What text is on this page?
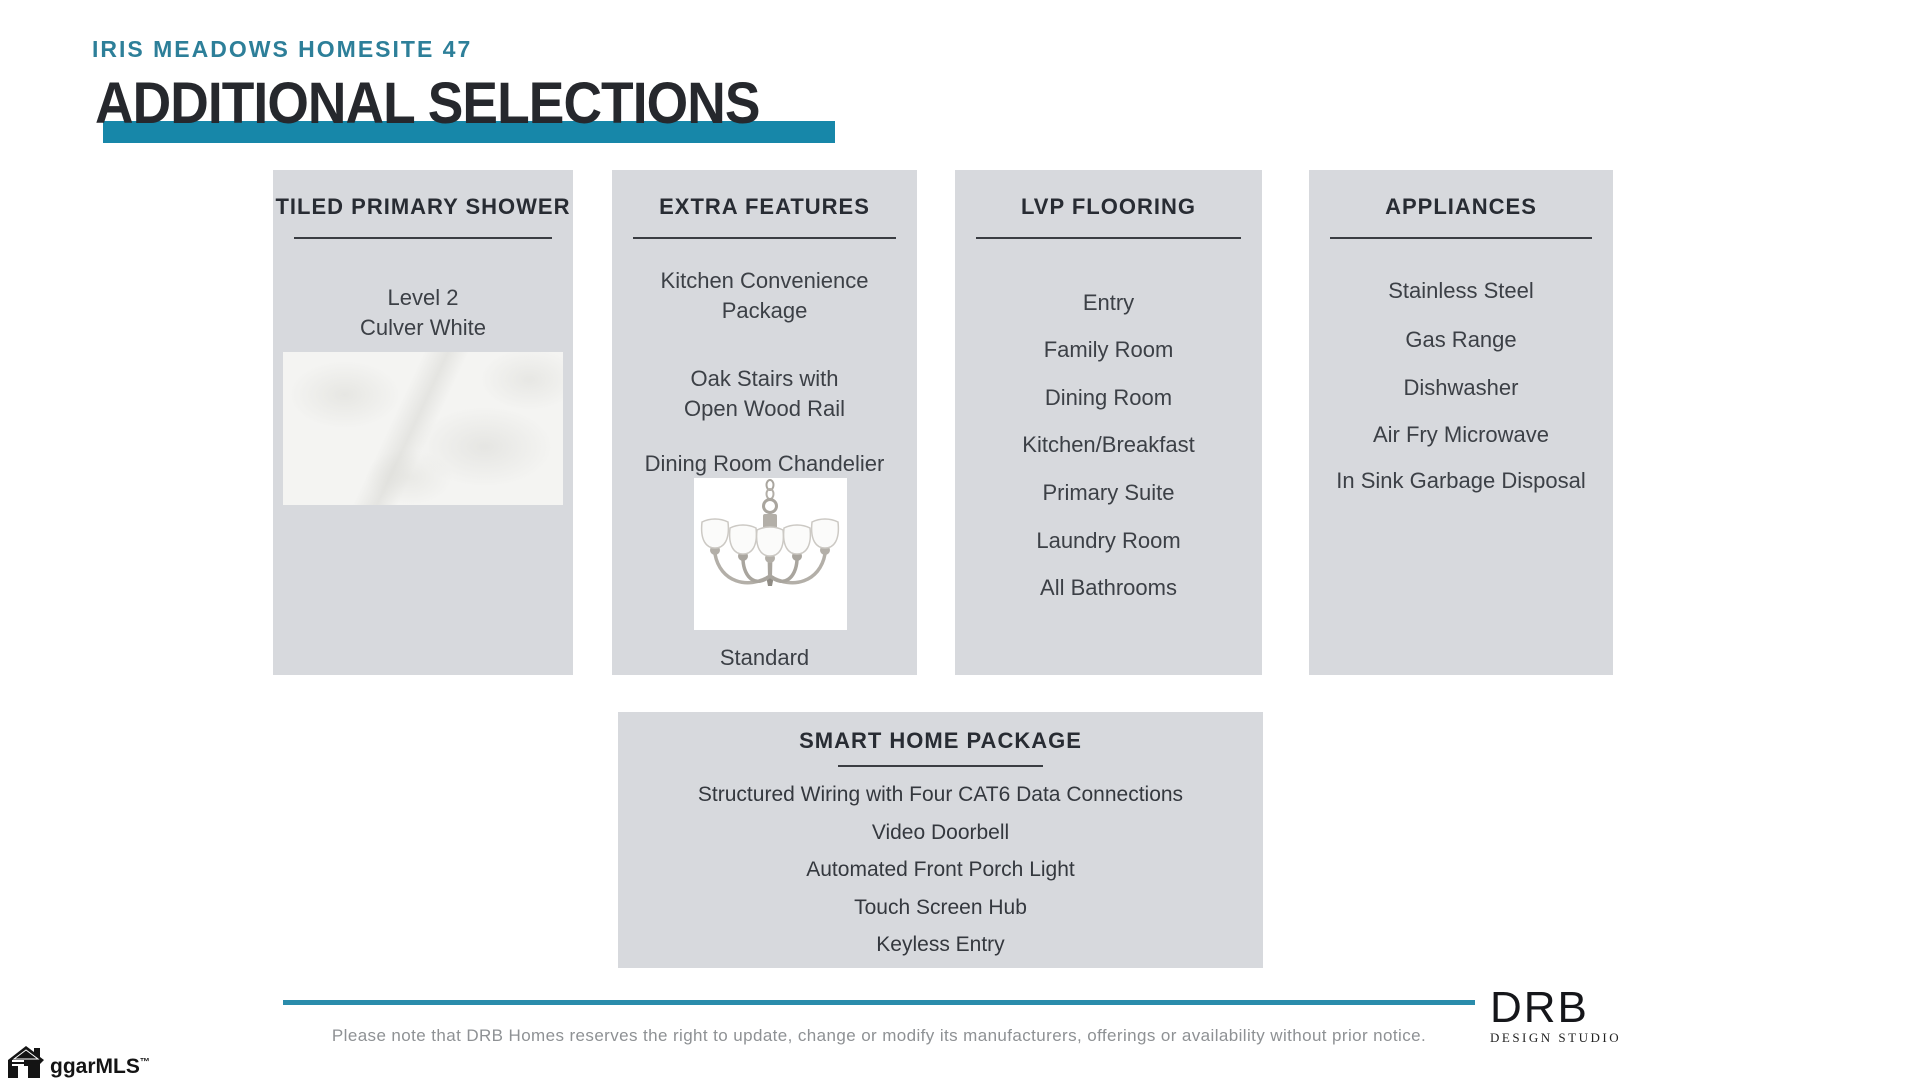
IRIS MEADOWS HOMESITE 47
ADDITIONAL SELECTIONS
TILED PRIMARY SHOWER
Level 2
Culver White
EXTRA FEATURES
Kitchen Convenience
Package
Oak Stairs with
Open Wood Rail
Dining Room Chandelier
Standard
LVP FLOORING
Entry
Family Room
Dining Room
Kitchen/Breakfast
Primary Suite
Laundry Room
All Bathrooms
APPLIANCES
Stainless Steel
Gas Range
Dishwasher
Air Fry Microwave
In Sink Garbage Disposal
SMART HOME PACKAGE
Structured Wiring with Four CAT6 Data Connections
Video Doorbell
Automated Front Porch Light
Touch Screen Hub
Keyless Entry
Please note that DRB Homes reserves the right to update, change or modify its manufacturers, offerings or availability without prior notice.
DRB
DESIGN STUDIO
ggarMLS™
